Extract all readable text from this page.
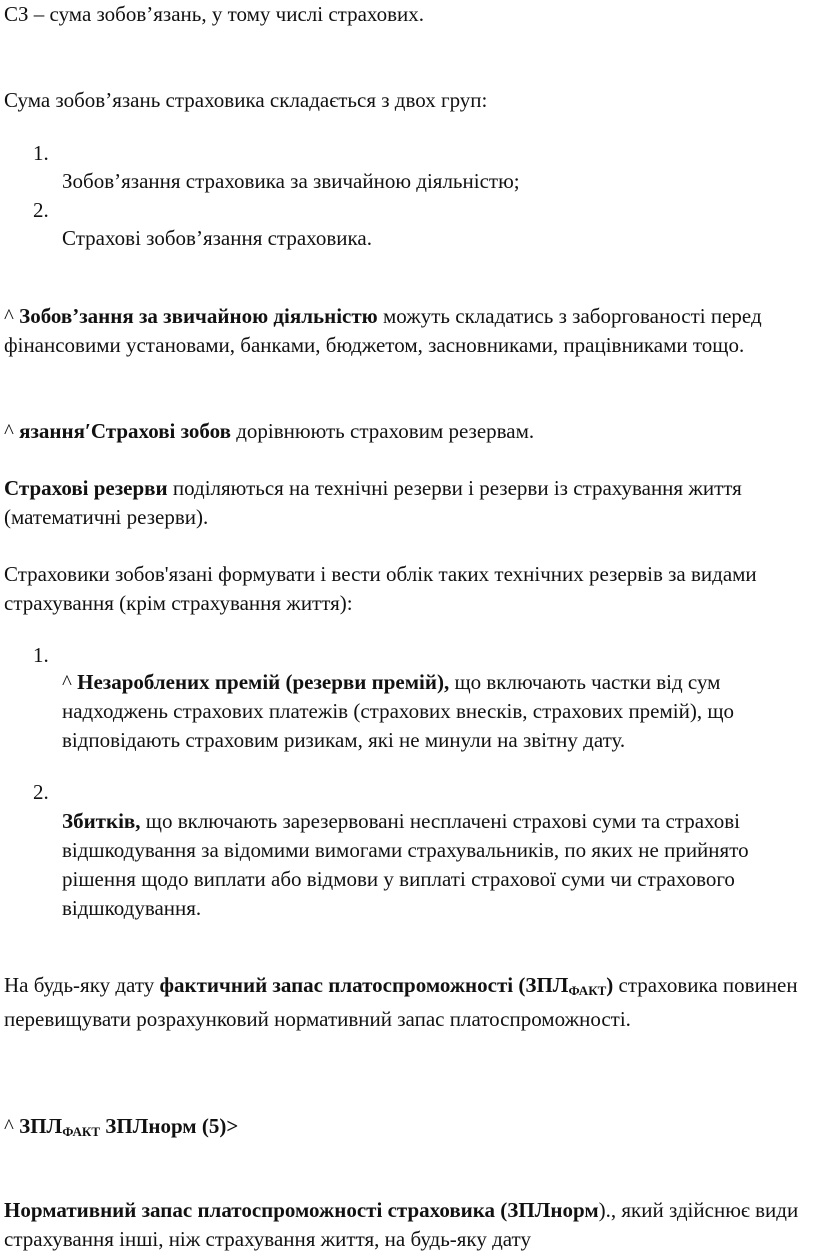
СЗ – сума зобов’язань, у тому числі страхових.

Сума зобов’язань страховика складається з двох груп:

1.
Зобов’язання страховика за звичайною діяльністю;
2.
Страхові зобов’язання страховика.

^ Зобов’зання за звичайною діяльністю можуть складатись з заборгованості перед фінансовими установами, банками, бюджетом, засновниками, працівниками тощо.

^ язання′Страхові зобов дорівнюють страховим резервам.

Страхові резерви поділяються на технічні резерви і резерви із страхування життя (математичні резерви).

Страховики зобов'язані формувати і вести облік таких технічних резервів за видами страхування (крім страхування життя):

1.

^ Незароблених премій (резерви премій), що включають частки від сум надходжень страхових платежів (страхових внесків, страхових премій), що відповідають страховим ризикам, які не минули на звітну дату.

2.

Збитків, що включають зарезервовані несплачені страхові суми та страхові відшкодування за відомими вимогами страхувальників, по яких не прийнято рішення щодо виплати або відмови у виплаті страхової суми чи страхового відшкодування.

На будь-яку дату фактичний запас платоспроможності $(ЗПЛ_{ФАКТ})$ страховика повинен перевищувати розрахунковий нормативний запас платоспроможності.

^ $ЗПЛ_{ФАКТ}$ ЗПЛнорм (5)>

Нормативний запас платоспроможності страховика (ЗПЛнорм)., який здійснює види страхування інші, ніж страхування життя, на будь-яку дату
